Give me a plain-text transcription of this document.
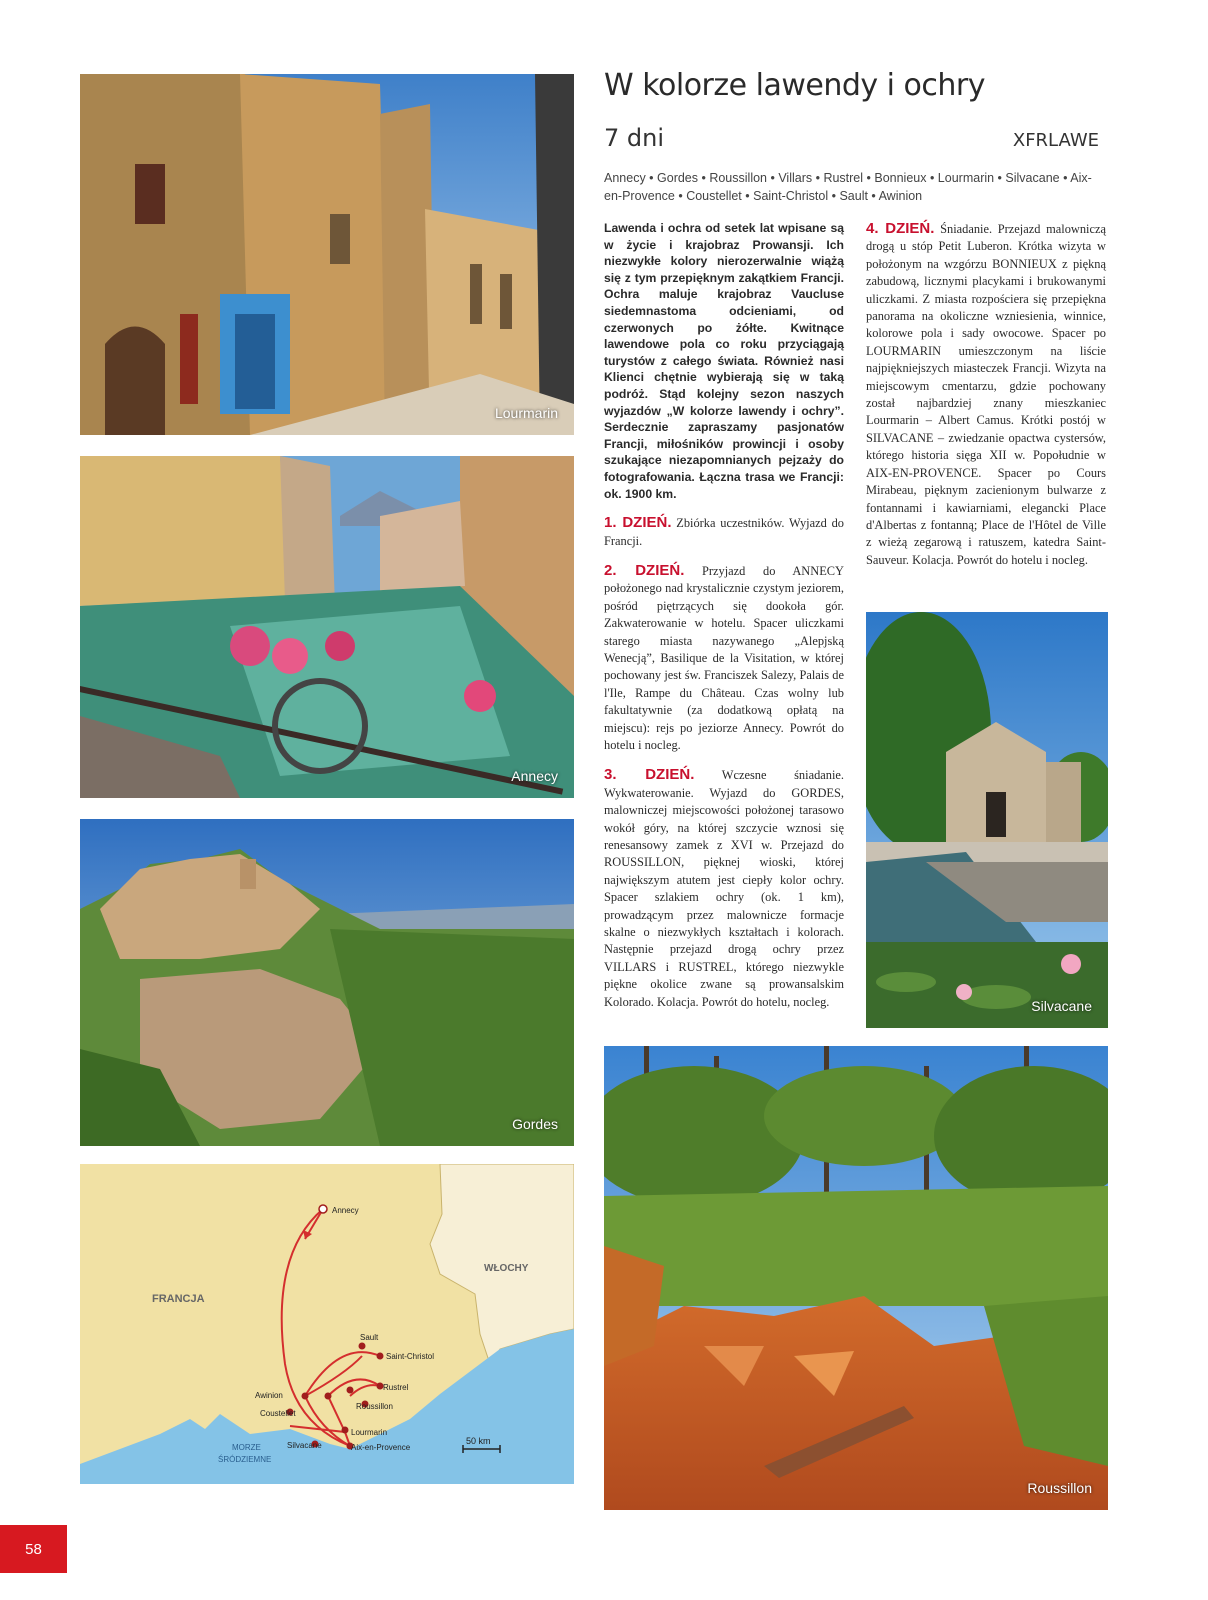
Lourmarin
Annecy
Gordes
Annecy
Sault
Saint-Christol
Awinion
Rustrel
Coustellet
Roussillon
Lourmarin
Silvacane	Aix-en-Provence
FRANCJA
WŁOCHY
MORZE
ŚRÓDZIEMNE
50 km
W kolorze lawendy i ochry
7 dni	XFRLAWE
Annecy • Gordes • Roussillon • Villars • Rustrel • Bonnieux • Lourmarin • Silvacane • Aix-en-Provence • Coustellet • Saint-Christol • Sault • Awinion

Lawenda i ochra od setek lat wpisane są w życie i krajobraz Prowansji. Ich niezwykłe kolory nierozerwalnie wiążą się z tym przepięknym zakątkiem Francji. Ochra maluje krajobraz Vaucluse siedemnastoma odcieniami, od czerwonych po żółte. Kwitnące lawendowe pola co roku przyciągają turystów z całego świata. Również nasi Klienci chętnie wybierają się w taką podróż. Stąd kolejny sezon naszych wyjazdów „W kolorze lawendy i ochry”. Serdecznie zapraszamy pasjonatów Francji, miłośników prowincji i osoby szukające niezapomnianych pejzaży do fotografowania. Łączna trasa we Francji: ok. 1900 km.

1. DZIEŃ. Zbiórka uczestników. Wyjazd do Francji.

2. DZIEŃ. Przyjazd do ANNECY położonego nad krystalicznie czystym jeziorem, pośród piętrzących się dookoła gór. Zakwaterowanie w hotelu. Spacer uliczkami starego miasta nazywanego „Alepjską Wenecją”, Basilique de la Visitation, w której pochowany jest św. Franciszek Salezy, Palais de l'Ile, Rampe du Château. Czas wolny lub fakultatywnie (za dodatkową opłatą na miejscu): rejs po jeziorze Annecy. Powrót do hotelu i nocleg.

3. DZIEŃ. Wczesne śniadanie. Wykwaterowanie. Wyjazd do GORDES, malowniczej miejscowości położonej tarasowo wokół góry, na której szczycie wznosi się renesansowy zamek z XVI w. Przejazd do ROUSSILLON, pięknej wioski, której największym atutem jest ciepły kolor ochry. Spacer szlakiem ochry (ok. 1 km), prowadzącym przez malownicze formacje skalne o niezwykłych kształtach i kolorach. Następnie przejazd drogą ochry przez VILLARS i RUSTREL, którego niezwykle piękne okolice zwane są prowansalskim Kolorado. Kolacja. Powrót do hotelu, nocleg.

4. DZIEŃ. Śniadanie. Przejazd malowniczą drogą u stóp Petit Luberon. Krótka wizyta w położonym na wzgórzu BONNIEUX z piękną zabudową, licznymi placykami i brukowanymi uliczkami. Z miasta rozpościera się przepiękna panorama na okoliczne wzniesienia, winnice, kolorowe pola i sady owocowe. Spacer po LOURMARIN umieszczonym na liście najpiękniejszych miasteczek Francji. Wizyta na miejscowym cmentarzu, gdzie pochowany został najbardziej znany mieszkaniec Lourmarin – Albert Camus. Krótki postój w SILVACANE – zwiedzanie opactwa cystersów, którego historia sięga XII w. Popołudnie w AIX-EN-PROVENCE. Spacer po Cours Mirabeau, pięknym zacienionym bulwarze z fontannami i kawiarniami, elegancki Place d'Albertas z fontanną; Place de l'Hôtel de Ville z wieżą zegarową i ratuszem, katedra Saint-Sauveur. Kolacja. Powrót do hotelu i nocleg.

Silvacane
Roussillon
58
